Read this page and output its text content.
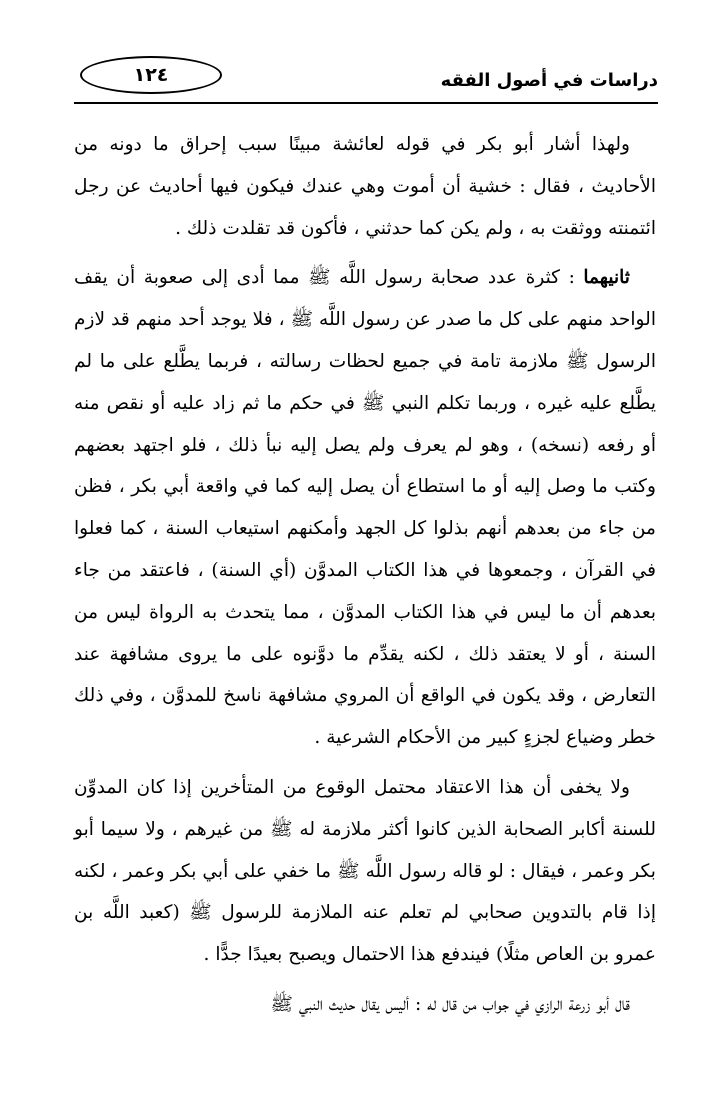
١٢٤	دراسات في أصول الفقه

ولهذا أشار أبو بكر في قوله لعائشة مبينًا سبب إحراق ما دونه من الأحاديث ، فقال : خشية أن أموت وهي عندك فيكون فيها أحاديث عن رجل ائتمنته ووثقت به ، ولم يكن كما حدثني ، فأكون قد تقلدت ذلك .

ثانيهما : كثرة عدد صحابة رسول اللَّه ﷺ مما أدى إلى صعوبة أن يقف الواحد منهم على كل ما صدر عن رسول اللَّه ﷺ ، فلا يوجد أحد منهم قد لازم الرسول ﷺ ملازمة تامة في جميع لحظات رسالته ، فربما يطَّلع على ما لم يطَّلع عليه غيره ، وربما تكلم النبي ﷺ في حكم ما ثم زاد عليه أو نقص منه أو رفعه (نسخه) ، وهو لم يعرف ولم يصل إليه نبأ ذلك ، فلو اجتهد بعضهم وكتب ما وصل إليه أو ما استطاع أن يصل إليه كما في واقعة أبي بكر ، فظن من جاء من بعدهم أنهم بذلوا كل الجهد وأمكنهم استيعاب السنة ، كما فعلوا في القرآن ، وجمعوها في هذا الكتاب المدوَّن (أي السنة) ، فاعتقد من جاء بعدهم أن ما ليس في هذا الكتاب المدوَّن ، مما يتحدث به الرواة ليس من السنة ، أو لا يعتقد ذلك ، لكنه يقدِّم ما دوَّنوه على ما يروى مشافهة عند التعارض ، وقد يكون في الواقع أن المروي مشافهة ناسخ للمدوَّن ، وفي ذلك خطر وضياع لجزءٍ كبير من الأحكام الشرعية .

ولا يخفى أن هذا الاعتقاد محتمل الوقوع من المتأخرين إذا كان المدوِّن للسنة أكابر الصحابة الذين كانوا أكثر ملازمة له ﷺ من غيرهم ، ولا سيما أبو بكر وعمر ، فيقال : لو قاله رسول اللَّه ﷺ ما خفي على أبي بكر وعمر ، لكنه إذا قام بالتدوين صحابي لم تعلم عنه الملازمة للرسول ﷺ (كعبد اللَّه بن عمرو بن العاص مثلًا) فيندفع هذا الاحتمال ويصبح بعيدًا جدًّا .

قال أبو زرعة الرازي في جواب من قال له : أليس يقال حديث النبي ﷺ
